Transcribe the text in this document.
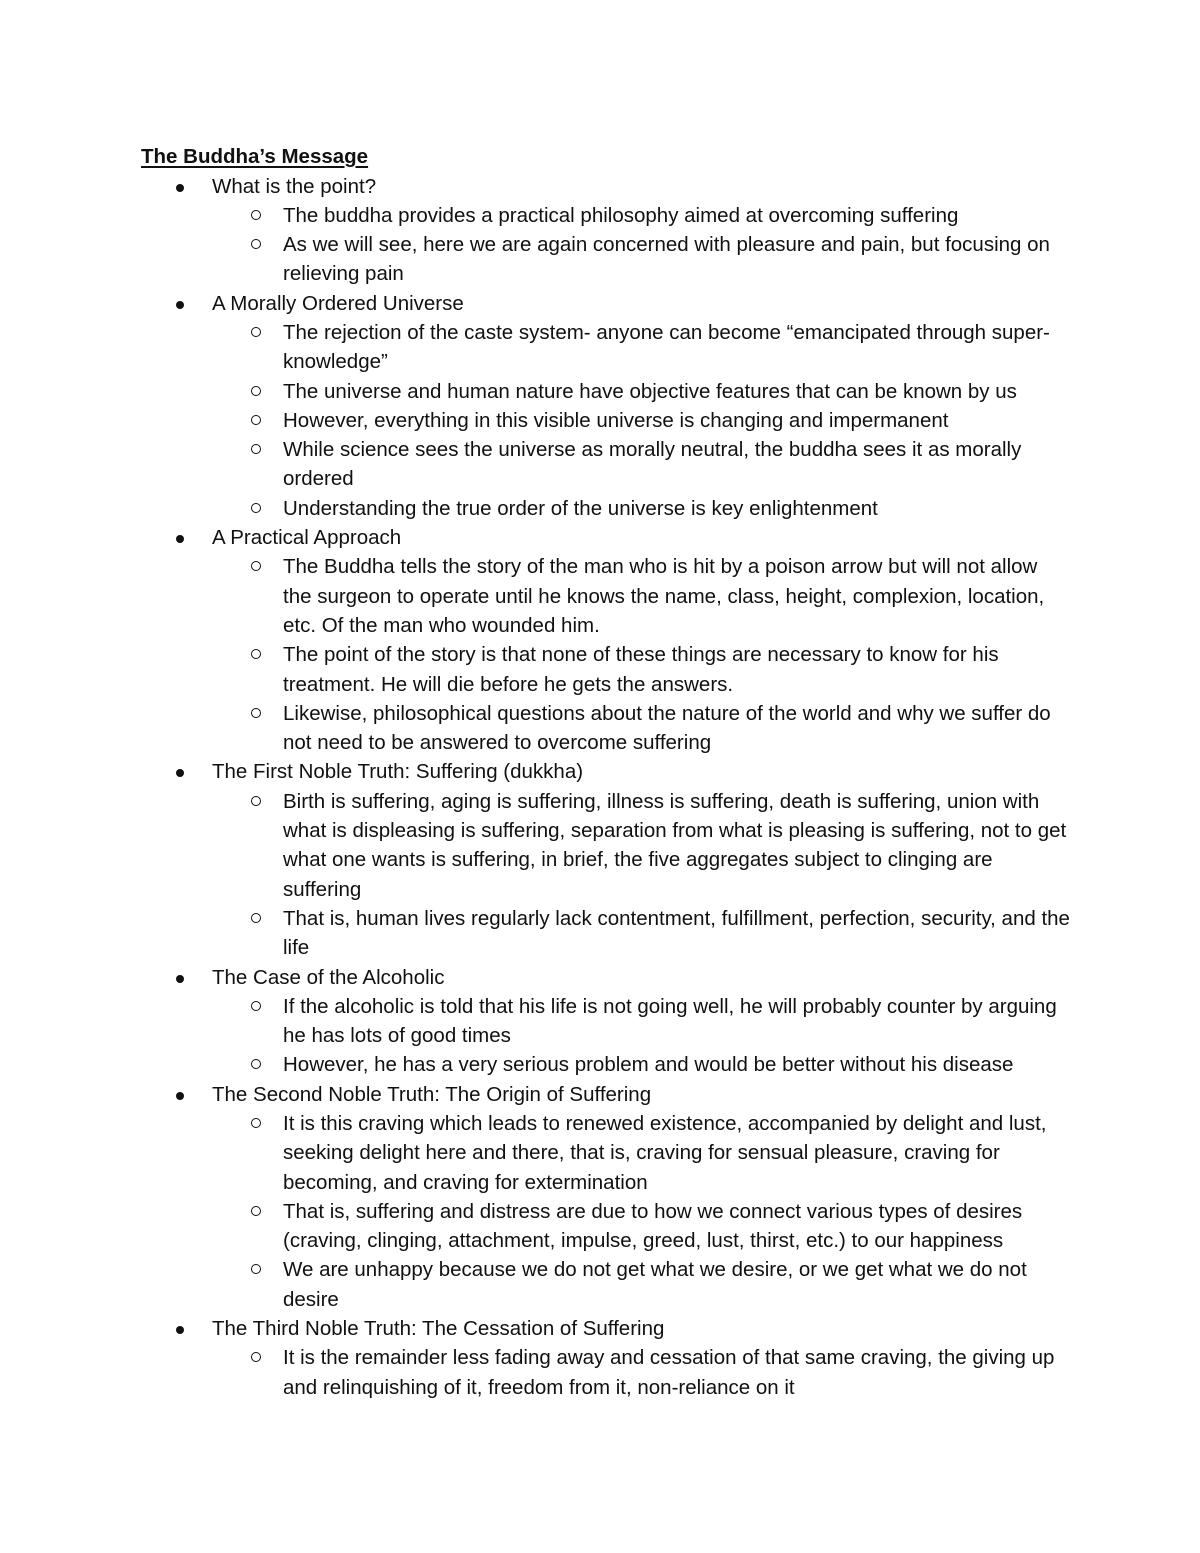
The Buddha’s Message
What is the point?
The buddha provides a practical philosophy aimed at overcoming suffering
As we will see, here we are again concerned with pleasure and pain, but focusing on relieving pain
A Morally Ordered Universe
The rejection of the caste system- anyone can become “emancipated through super-knowledge”
The universe and human nature have objective features that can be known by us
However, everything in this visible universe is changing and impermanent
While science sees the universe as morally neutral, the buddha sees it as morally ordered
Understanding the true order of the universe is key enlightenment
A Practical Approach
The Buddha tells the story of the man who is hit by a poison arrow but will not allow the surgeon to operate until he knows the name, class, height, complexion, location, etc. Of the man who wounded him.
The point of the story is that none of these things are necessary to know for his treatment. He will die before he gets the answers.
Likewise, philosophical questions about the nature of the world and why we suffer do not need to be answered to overcome suffering
The First Noble Truth: Suffering (dukkha)
Birth is suffering, aging is suffering, illness is suffering, death is suffering, union with what is displeasing is suffering, separation from what is pleasing is suffering, not to get what one wants is suffering, in brief, the five aggregates subject to clinging are suffering
That is, human lives regularly lack contentment, fulfillment, perfection, security, and the life
The Case of the Alcoholic
If the alcoholic is told that his life is not going well, he will probably counter by arguing he has lots of good times
However, he has a very serious problem and would be better without his disease
The Second Noble Truth: The Origin of Suffering
It is this craving which leads to renewed existence, accompanied by delight and lust, seeking delight here and there, that is, craving for sensual pleasure, craving for becoming, and craving for extermination
That is, suffering and distress are due to how we connect various types of desires (craving, clinging, attachment, impulse, greed, lust, thirst, etc.) to our happiness
We are unhappy because we do not get what we desire, or we get what we do not desire
The Third Noble Truth: The Cessation of Suffering
It is the remainder less fading away and cessation of that same craving, the giving up and relinquishing of it, freedom from it, non-reliance on it
